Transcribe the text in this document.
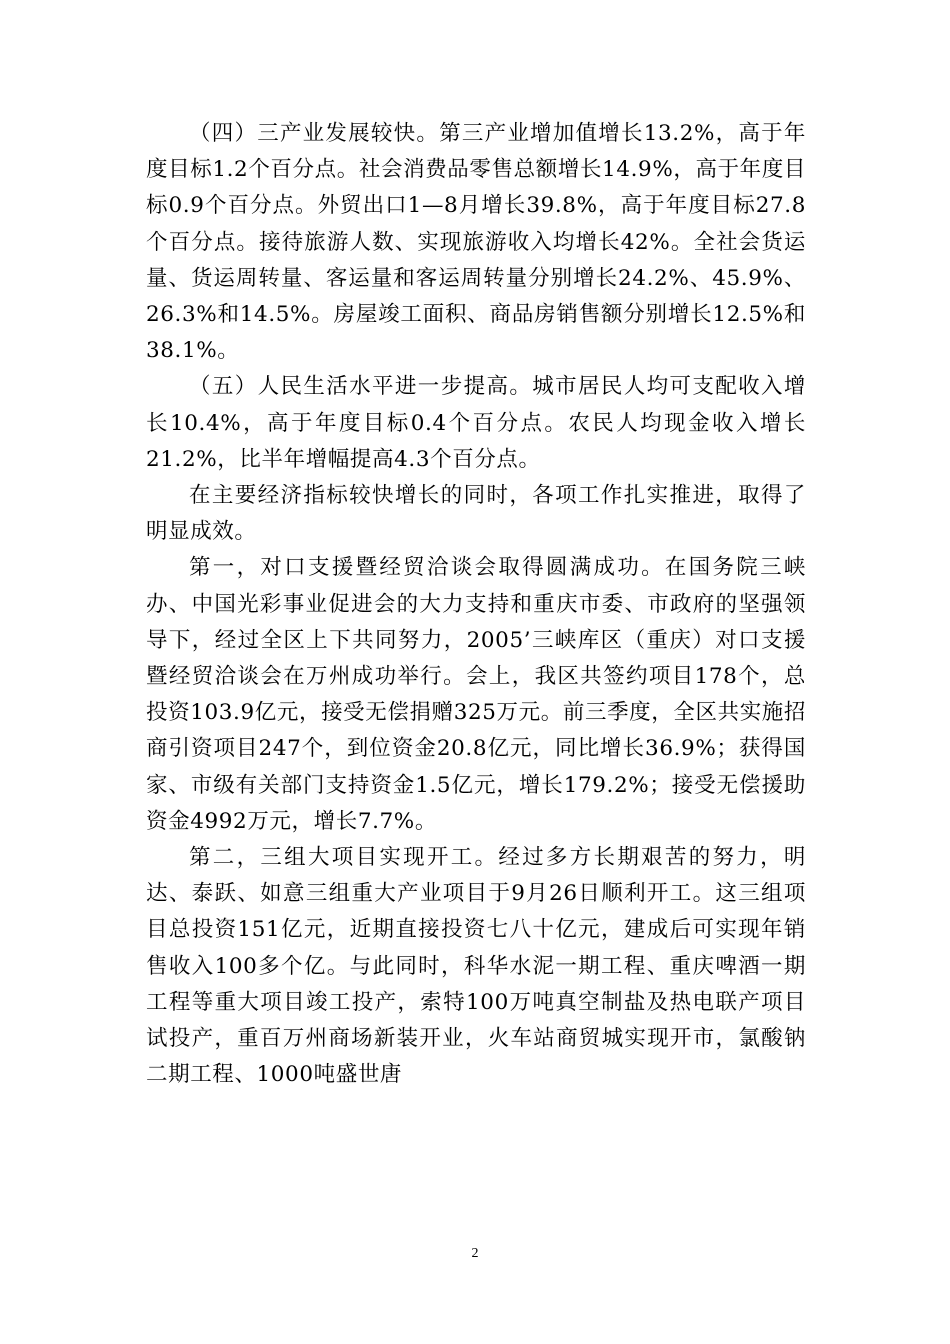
（四）三产业发展较快。第三产业增加值增长13.2%，高于年度目标1.2个百分点。社会消费品零售总额增长14.9%，高于年度目标0.9个百分点。外贸出口1—8月增长39.8%，高于年度目标27.8个百分点。接待旅游人数、实现旅游收入均增长42%。全社会货运量、货运周转量、客运量和客运周转量分别增长24.2%、45.9%、26.3%和14.5%。房屋竣工面积、商品房销售额分别增长12.5%和38.1%。

（五）人民生活水平进一步提高。城市居民人均可支配收入增长10.4%，高于年度目标0.4个百分点。农民人均现金收入增长21.2%，比半年增幅提高4.3个百分点。

在主要经济指标较快增长的同时，各项工作扎实推进，取得了明显成效。

第一，对口支援暨经贸洽谈会取得圆满成功。在国务院三峡办、中国光彩事业促进会的大力支持和重庆市委、市政府的坚强领导下，经过全区上下共同努力，2005’三峡库区（重庆）对口支援暨经贸洽谈会在万州成功举行。会上，我区共签约项目178个，总投资103.9亿元，接受无偿捐赠325万元。前三季度，全区共实施招商引资项目247个，到位资金20.8亿元，同比增长36.9%；获得国家、市级有关部门支持资金1.5亿元，增长179.2%；接受无偿援助资金4992万元，增长7.7%。

第二，三组大项目实现开工。经过多方长期艰苦的努力，明达、泰跃、如意三组重大产业项目于9月26日顺利开工。这三组项目总投资151亿元，近期直接投资七八十亿元，建成后可实现年销售收入100多个亿。与此同时，科华水泥一期工程、重庆啤酒一期工程等重大项目竣工投产，索特100万吨真空制盐及热电联产项目试投产，重百万州商场新装开业，火车站商贸城实现开市，氯酸钠二期工程、1000吨盛世唐

2
